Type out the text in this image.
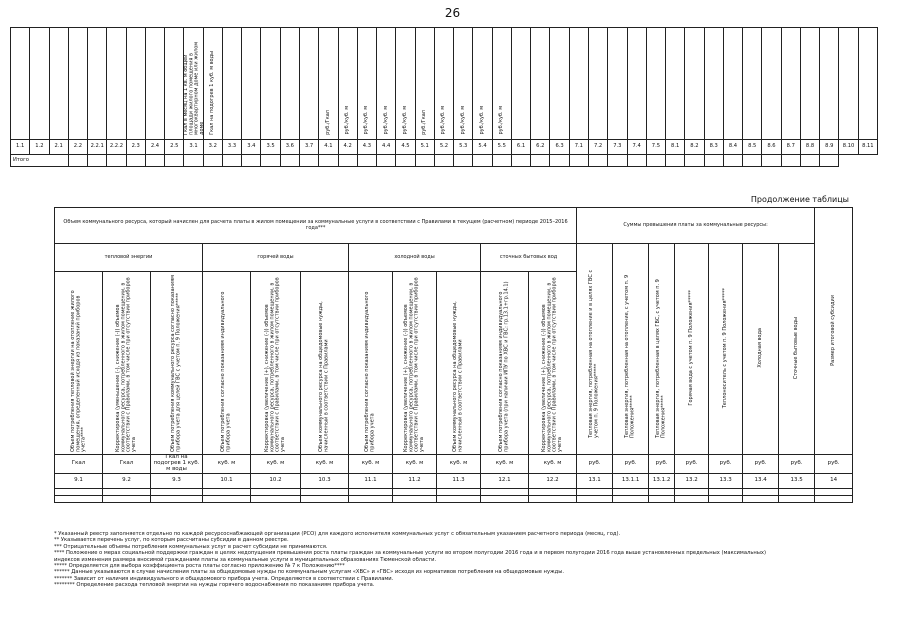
26
									Гкал в месяц на 1 кв. м общей площади жилого помещения в многоквартирном доме или жилом доме	Гкал на подогрев 1 куб. м воды						руб./Гкал	руб./куб. м	руб./куб. м	руб./куб. м	руб./куб. м	руб./Гкал	руб./куб. м	руб./куб. м	руб./куб. м	руб./куб. м																			
1.1	1.2	2.1	2.2	2.2.1	2.2.2	2.3	2.4	2.5	3.1	3.2	3.3	3.4	3.5	3.6	3.7	4.1	4.2	4.3	4.4	4.5	5.1	5.2	5.3	5.4	5.5	6.1	6.2	6.3	7.1	7.2	7.3	7.4	7.5	8.1	8.2	8.3	8.4	8.5	8.6	8.7	8.8	8.9	8.10	8.11
Итого																																												
Продолжение таблицы
Объем коммунального ресурса, который начислен для расчета платы в жилом помещении за коммунальные услуги в соответствии с Правилами в текущем (расчетном) периоде 2015–2016 года***											Суммы превышения платы за коммунальные ресурсы:							Размер итоговой субсидии
тепловой энергии			горячей воды			холодной воды			сточных бытовых вод		Тепловая энергия, потребленная на отопление и в целях ГВС с учетом п. 9 Положения*****	Тепловая энергия, потребленная на отопление, с учетом п. 9 Положения*****	Тепловая энергия, потребленная в целях ГВС, с учетом п. 9 Положения*****	Горячая вода с учетом п. 9 Положения*****	Теплоноситель с учетом п. 9 Положения*****	Холодная вода	Сточные бытовые воды	
Объем потребления тепловой энергии на отопление жилого помещения, определенный исходя из показаний приборов учета****	Корректировка (уменьшение (-), снижение (-)) объемов коммунального ресурса, потребленного в жилом помещении, в соответствии с Правилами, в том числе при отсутствии приборов учета	Объем потребления коммунального ресурса согласно показаниям прибора учета для целей ГВС с учетом п. 9 Положения*****	Объем потребления согласно показаниям индивидуального прибора учета	Корректировка (увеличение (+), снижение (-)) объемов коммунального ресурса, потребленного в жилом помещении, в соответствии с Правилами, в том числе при отсутствии приборов учета	Объем коммунального ресурса на общедомовые нужды, начисленный в соответствии с Правилами	Объем потребления согласно показаниям индивидуального прибора учета	Корректировка (увеличение (+), снижение (-)) объемов коммунального ресурса, потребленного в жилом помещении, в соответствии с Правилами, в том числе при отсутствии приборов учета	Объем коммунального ресурса на общедомовые нужды, начисленный в соответствии с Правилами	Объем потребления согласно показаниям индивидуального прибора учета (при наличии ИПУ по ХВС и ГВС: гр.13.1+гр.14.1)	Корректировка (увеличение (+), снижение (-)) объемов коммунального ресурса, потребленного в жилом помещении, в соответствии с Правилами, в том числе при отсутствии приборов учета								
Гкал	Гкал	Гкал на подогрев 1 куб. м воды	куб. м	куб. м	куб. м	куб. м	куб. м	куб. м	куб. м	куб. м	руб.	руб.	руб.	руб.	руб.	руб.	руб.	руб.
9.1	9.2	9.3	10.1	10.2	10.3	11.1	11.2	11.3	12.1	12.2	13.1	13.1.1	13.1.2	13.2	13.3	13.4	13.5	14

* Указанный реестр заполняется отдельно по каждой ресурсоснабжающей организации (РСО) для каждого исполнителя коммунальных услуг с обязательным указанием расчетного периода (месяц, год).
** Указывается перечень услуг, по которым рассчитаны субсидии в данном реестре.
*** Отрицательные объемы потребления коммунальных услуг в расчет субсидии не принимаются.
**** Положение о мерах социальной поддержки граждан в целях недопущения превышения роста платы граждан за коммунальные услуги во втором полугодии 2016 года и в первом полугодии 2016 года выше установленных предельных (максимальных)
индексов изменения размера вносимой гражданами платы за коммунальные услуги в муниципальных образованиях Тюменской области.
***** Определяется для выбора коэффициента роста платы согласно приложению № 7 к Положению****
****** Данные указываются в случае начисления платы за общедомовые нужды по коммунальным услугам «ХВС» и «ГВС» исходя из нормативов потребления на общедомовые нужды.
******* Зависит от наличия индивидуального и общедомового прибора учета. Определяются в соответствии с Правилами.
******** Определение расхода тепловой энергии на нужды горячего водоснабжения по показаниям прибора учета.
